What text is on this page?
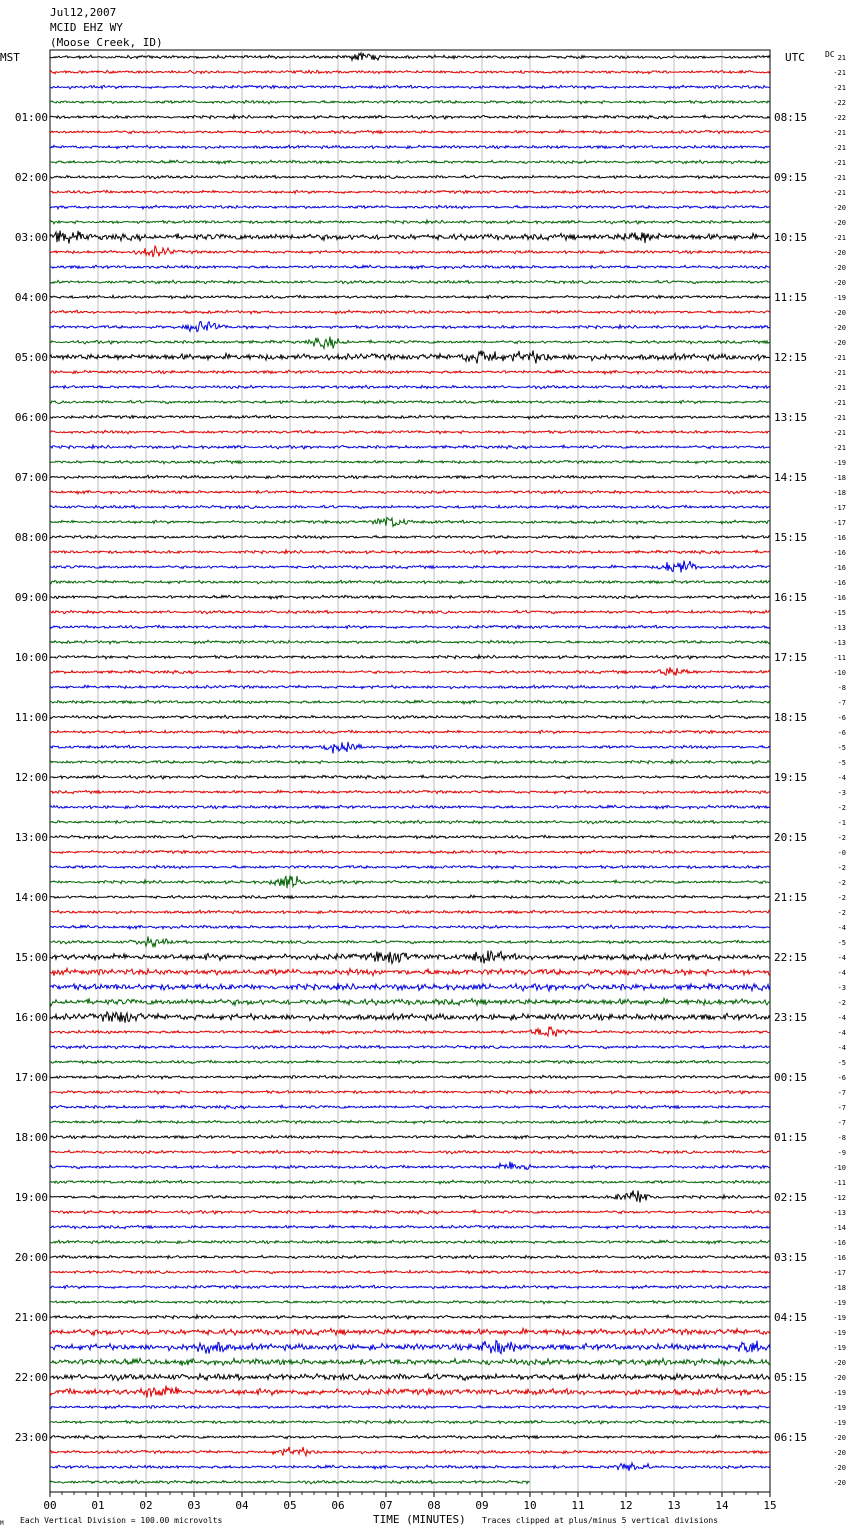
Jul12,2007
MCID EHZ WY
(Moose Creek, ID)
MST	UTC	DC
01:00
02:00
03:00
04:00
05:00
06:00
07:00
08:00
09:00
10:00
11:00
12:00
13:00
14:00
15:00
16:00
17:00
18:00
19:00
20:00
21:00
22:00
23:00
08:15
09:15
10:15
11:15
12:15
13:15
14:15
15:15
16:15
17:15
18:15
19:15
20:15
21:15
22:15
23:15
00:15
01:15
02:15
03:15
04:15
05:15
06:15
21
-21
-21
-22
-22
-21
-21
-21
-21
-21
-20
-20
-21
-20
-20
-20
-19
-20
-20
-20
-21
-21
-21
-21
-21
-21
-21
-19
-18
-18
-17
-17
-16
-16
-16
-16
-16
-15
-13
-13
-11
-10
-8
-7
-6
-6
-5
-5
-4
-3
-2
-1
-2
-0
-2
-2
-2
-2
-4
-5
-4
-4
-3
-2
-4
-4
-4
-5
-6
-7
-7
-7
-8
-9
-10
-11
-12
-13
-14
-16
-16
-17
-18
-19
-19
-19
-19
-20
-20
-19
-19
-19
-20
-20
-20
-20
00	01	02	03	04	05	06	07	08	09	10	11	12	13	14	15
M Each Vertical Division = 100.00 microvolts	TIME (MINUTES) Traces clipped at plus/minus 5 vertical divisions
